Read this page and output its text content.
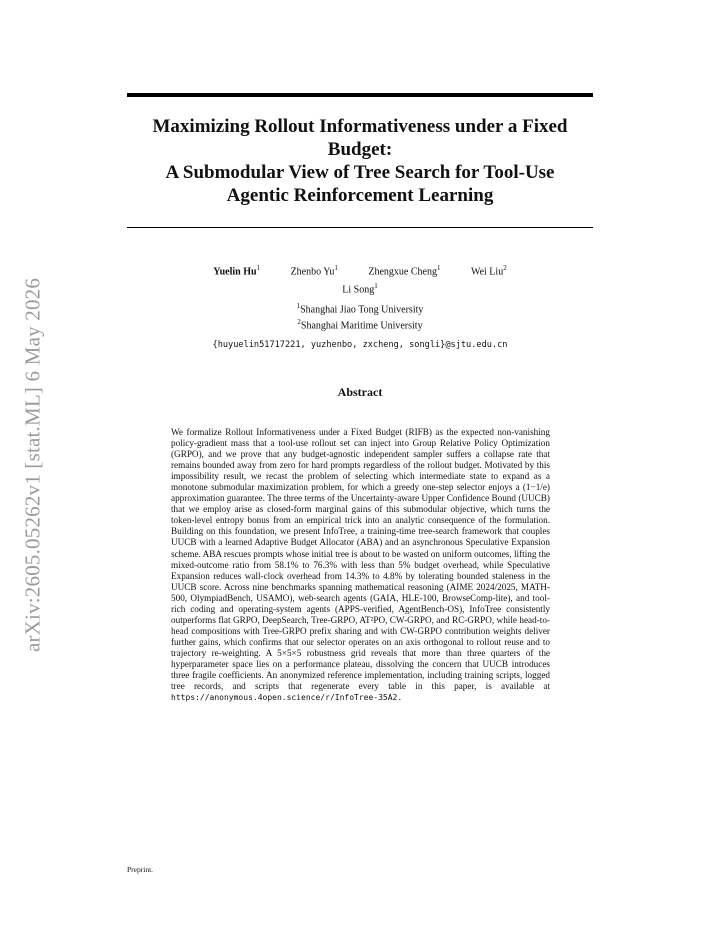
arXiv:2605.05262v1 [stat.ML] 6 May 2026
Maximizing Rollout Informativeness under a Fixed
Budget:
A Submodular View of Tree Search for Tool-Use
Agentic Reinforcement Learning
Yuelin Hu$^1$	Zhenbo Yu$^1$	Zhengxue Cheng$^1$	Wei Liu$^2$
Li Song$^1$
$^1$Shanghai Jiao Tong University
$^2$Shanghai Maritime University
{huyuelin51717221, yuzhenbo, zxcheng, songli}@sjtu.edu.cn
Abstract

We formalize Rollout Informativeness under a Fixed Budget (RIFB) as the expected non-vanishing policy-gradient mass that a tool-use rollout set can inject into Group Relative Policy Optimization (GRPO), and we prove that any budget-agnostic independent sampler suffers a collapse rate that remains bounded away from zero for hard prompts regardless of the rollout budget. Motivated by this impossibility result, we recast the problem of selecting which intermediate state to expand as a monotone submodular maximization problem, for which a greedy one-step selector enjoys a (1−1/e) approximation guarantee. The three terms of the Uncertainty-aware Upper Confidence Bound (UUCB) that we employ arise as closed-form marginal gains of this submodular objective, which turns the token-level entropy bonus from an empirical trick into an analytic consequence of the formulation. Building on this foundation, we present InfoTree, a training-time tree-search framework that couples UUCB with a learned Adaptive Budget Allocator (ABA) and an asynchronous Speculative Expansion scheme. ABA rescues prompts whose initial tree is about to be wasted on uniform outcomes, lifting the mixed-outcome ratio from 58.1% to 76.3% with less than 5% budget overhead, while Speculative Expansion reduces wall-clock overhead from 14.3% to 4.8% by tolerating bounded staleness in the UUCB score. Across nine benchmarks spanning mathematical reasoning (AIME 2024/2025, MATH-500, OlympiadBench, USAMO), web-search agents (GAIA, HLE-100, BrowseComp-lite), and tool-rich coding and operating-system agents (APPS-verified, AgentBench-OS), InfoTree consistently outperforms flat GRPO, DeepSearch, Tree-GRPO, AT²PO, CW-GRPO, and RC-GRPO, while head-to-head compositions with Tree-GRPO prefix sharing and with CW-GRPO contribution weights deliver further gains, which confirms that our selector operates on an axis orthogonal to rollout reuse and to trajectory re-weighting. A 5×5×5 robustness grid reveals that more than three quarters of the hyperparameter space lies on a performance plateau, dissolving the concern that UUCB introduces three fragile coefficients. An anonymized reference implementation, including training scripts, logged tree records, and scripts that regenerate every table in this paper, is available at https://anonymous.4open.science/r/InfoTree-35A2.

Preprint.
